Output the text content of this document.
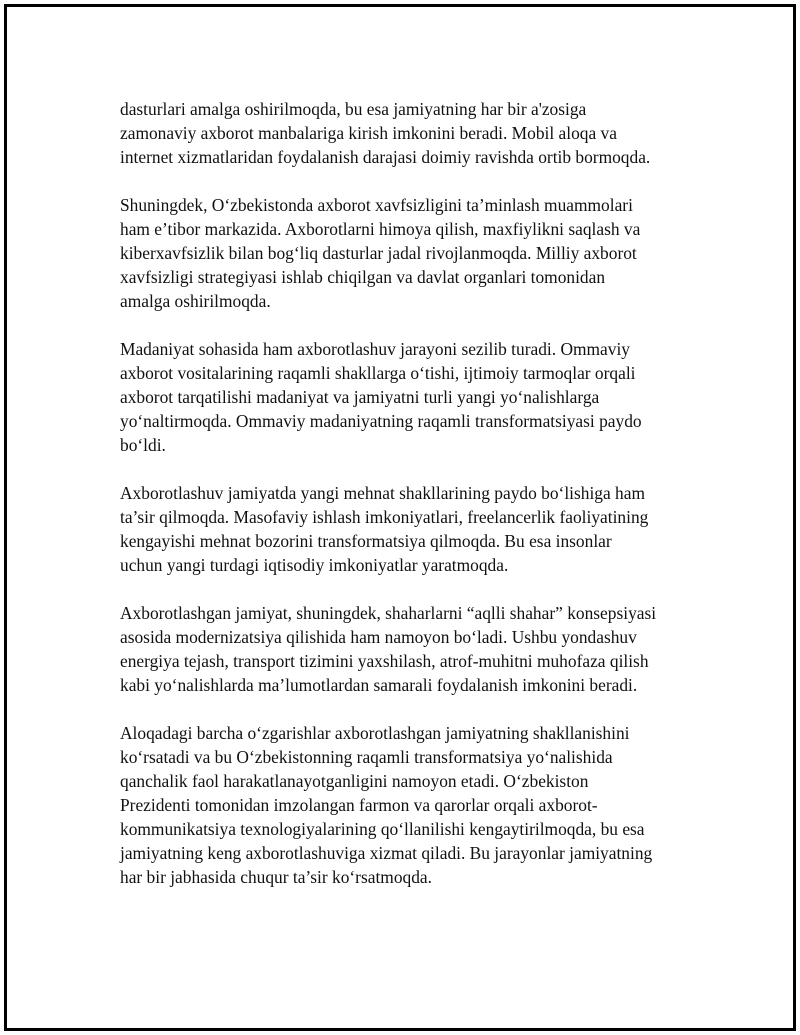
dasturlari amalga oshirilmoqda, bu esa jamiyatning har bir a'zosiga
zamonaviy axborot manbalariga kirish imkonini beradi. Mobil aloqa va
internet xizmatlaridan foydalanish darajasi doimiy ravishda ortib bormoqda.

Shuningdek, O‘zbekistonda axborot xavfsizligini ta’minlash muammolari
ham e’tibor markazida. Axborotlarni himoya qilish, maxfiylikni saqlash va
kiberxavfsizlik bilan bog‘liq dasturlar jadal rivojlanmoqda. Milliy axborot
xavfsizligi strategiyasi ishlab chiqilgan va davlat organlari tomonidan
amalga oshirilmoqda.

Madaniyat sohasida ham axborotlashuv jarayoni sezilib turadi. Ommaviy
axborot vositalarining raqamli shakllarga o‘tishi, ijtimoiy tarmoqlar orqali
axborot tarqatilishi madaniyat va jamiyatni turli yangi yo‘nalishlarga
yo‘naltirmoqda. Ommaviy madaniyatning raqamli transformatsiyasi paydo
bo‘ldi.

Axborotlashuv jamiyatda yangi mehnat shakllarining paydo bo‘lishiga ham
ta’sir qilmoqda. Masofaviy ishlash imkoniyatlari, freelancerlik faoliyatining
kengayishi mehnat bozorini transformatsiya qilmoqda. Bu esa insonlar
uchun yangi turdagi iqtisodiy imkoniyatlar yaratmoqda.

Axborotlashgan jamiyat, shuningdek, shaharlarni “aqlli shahar” konsepsiyasi
asosida modernizatsiya qilishida ham namoyon bo‘ladi. Ushbu yondashuv
energiya tejash, transport tizimini yaxshilash, atrof-muhitni muhofaza qilish
kabi yo‘nalishlarda ma’lumotlardan samarali foydalanish imkonini beradi.

Aloqadagi barcha o‘zgarishlar axborotlashgan jamiyatning shakllanishini
ko‘rsatadi va bu O‘zbekistonning raqamli transformatsiya yo‘nalishida
qanchalik faol harakatlanayotganligini namoyon etadi. O‘zbekiston
Prezidenti tomonidan imzolangan farmon va qarorlar orqali axborot-
kommunikatsiya texnologiyalarining qo‘llanilishi kengaytirilmoqda, bu esa
jamiyatning keng axborotlashuviga xizmat qiladi. Bu jarayonlar jamiyatning
har bir jabhasida chuqur ta’sir ko‘rsatmoqda.
